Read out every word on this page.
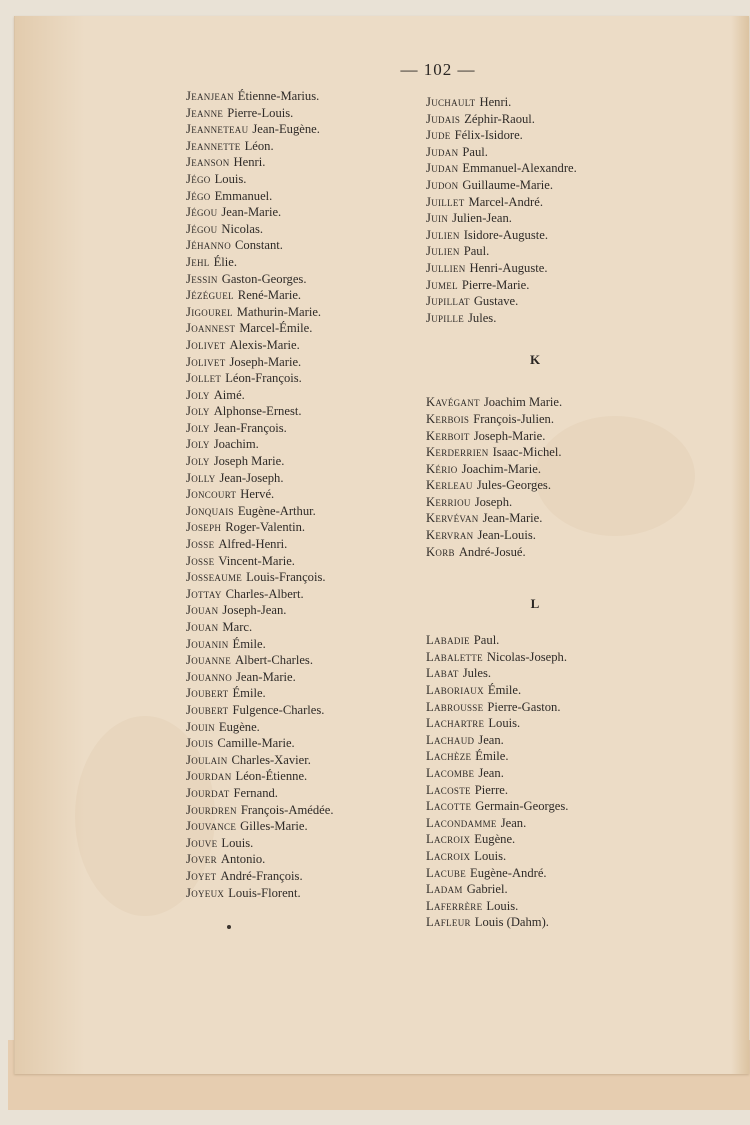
— 102 —
Jeanjean Étienne-Marius.
Jeanne Pierre-Louis.
Jeanneteau Jean-Eugène.
Jeannette Léon.
Jeanson Henri.
Jégo Louis.
Jégo Emmanuel.
Jégou Jean-Marie.
Jégou Nicolas.
Jéhanno Constant.
Jehl Élie.
Jessin Gaston-Georges.
Jézéguel René-Marie.
Jigourel Mathurin-Marie.
Joannest Marcel-Émile.
Jolivet Alexis-Marie.
Jolivet Joseph-Marie.
Jollet Léon-François.
Joly Aimé.
Joly Alphonse-Ernest.
Joly Jean-François.
Joly Joachim.
Joly Joseph Marie.
Jolly Jean-Joseph.
Joncourt Hervé.
Jonquais Eugène-Arthur.
Joseph Roger-Valentin.
Josse Alfred-Henri.
Josse Vincent-Marie.
Josseaume Louis-François.
Jottay Charles-Albert.
Jouan Joseph-Jean.
Jouan Marc.
Jouanin Émile.
Jouanne Albert-Charles.
Jouanno Jean-Marie.
Joubert Émile.
Joubert Fulgence-Charles.
Jouin Eugène.
Jouis Camille-Marie.
Joulain Charles-Xavier.
Jourdan Léon-Étienne.
Jourdat Fernand.
Jourdren François-Amédée.
Jouvance Gilles-Marie.
Jouve Louis.
Jover Antonio.
Joyet André-François.
Joyeux Louis-Florent.
Juchault Henri.
Judais Zéphir-Raoul.
Jude Félix-Isidore.
Judan Paul.
Judan Emmanuel-Alexandre.
Judon Guillaume-Marie.
Juillet Marcel-André.
Juin Julien-Jean.
Julien Isidore-Auguste.
Julien Paul.
Jullien Henri-Auguste.
Jumel Pierre-Marie.
Jupillat Gustave.
Jupille Jules.
K
Kavégant Joachim Marie.
Kerbois François-Julien.
Kerboit Joseph-Marie.
Kerderrien Isaac-Michel.
Kério Joachim-Marie.
Kerleau Jules-Georges.
Kerriou Joseph.
Kervévan Jean-Marie.
Kervran Jean-Louis.
Korb André-Josué.
L
Labadie Paul.
Labalette Nicolas-Joseph.
Labat Jules.
Laboriaux Émile.
Labrousse Pierre-Gaston.
Lachartre Louis.
Lachaud Jean.
Lachèze Émile.
Lacombe Jean.
Lacoste Pierre.
Lacotte Germain-Georges.
Lacondamme Jean.
Lacroix Eugène.
Lacroix Louis.
Lacube Eugène-André.
Ladam Gabriel.
Laferrère Louis.
Lafleur Louis (Dahm).
